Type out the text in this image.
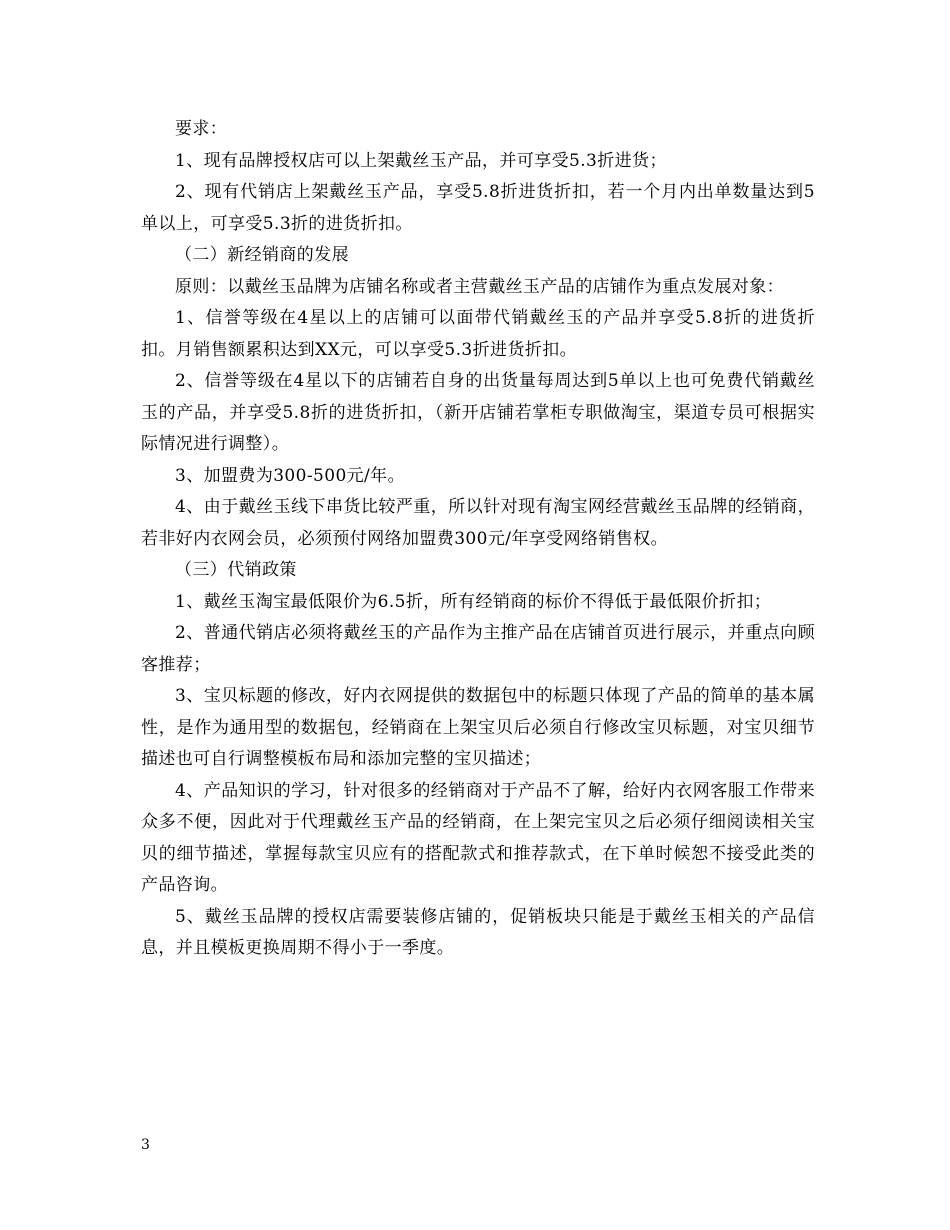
要求：

1、现有品牌授权店可以上架戴丝玉产品，并可享受5.3折进货；

2、现有代销店上架戴丝玉产品，享受5.8折进货折扣，若一个月内出单数量达到5单以上，可享受5.3折的进货折扣。

（二）新经销商的发展

原则：以戴丝玉品牌为店铺名称或者主营戴丝玉产品的店铺作为重点发展对象：

1、信誉等级在4星以上的店铺可以面带代销戴丝玉的产品并享受5.8折的进货折扣。月销售额累积达到XX元，可以享受5.3折进货折扣。

2、信誉等级在4星以下的店铺若自身的出货量每周达到5单以上也可免费代销戴丝玉的产品，并享受5.8折的进货折扣，（新开店铺若掌柜专职做淘宝，渠道专员可根据实际情况进行调整）。

3、加盟费为300-500元/年。

4、由于戴丝玉线下串货比较严重，所以针对现有淘宝网经营戴丝玉品牌的经销商，若非好内衣网会员，必须预付网络加盟费300元/年享受网络销售权。

（三）代销政策

1、戴丝玉淘宝最低限价为6.5折，所有经销商的标价不得低于最低限价折扣；

2、普通代销店必须将戴丝玉的产品作为主推产品在店铺首页进行展示，并重点向顾客推荐；

3、宝贝标题的修改，好内衣网提供的数据包中的标题只体现了产品的简单的基本属性，是作为通用型的数据包，经销商在上架宝贝后必须自行修改宝贝标题，对宝贝细节描述也可自行调整模板布局和添加完整的宝贝描述；

4、产品知识的学习，针对很多的经销商对于产品不了解，给好内衣网客服工作带来众多不便，因此对于代理戴丝玉产品的经销商，在上架完宝贝之后必须仔细阅读相关宝贝的细节描述，掌握每款宝贝应有的搭配款式和推荐款式，在下单时候恕不接受此类的产品咨询。

5、戴丝玉品牌的授权店需要装修店铺的，促销板块只能是于戴丝玉相关的产品信息，并且模板更换周期不得小于一季度。

3
